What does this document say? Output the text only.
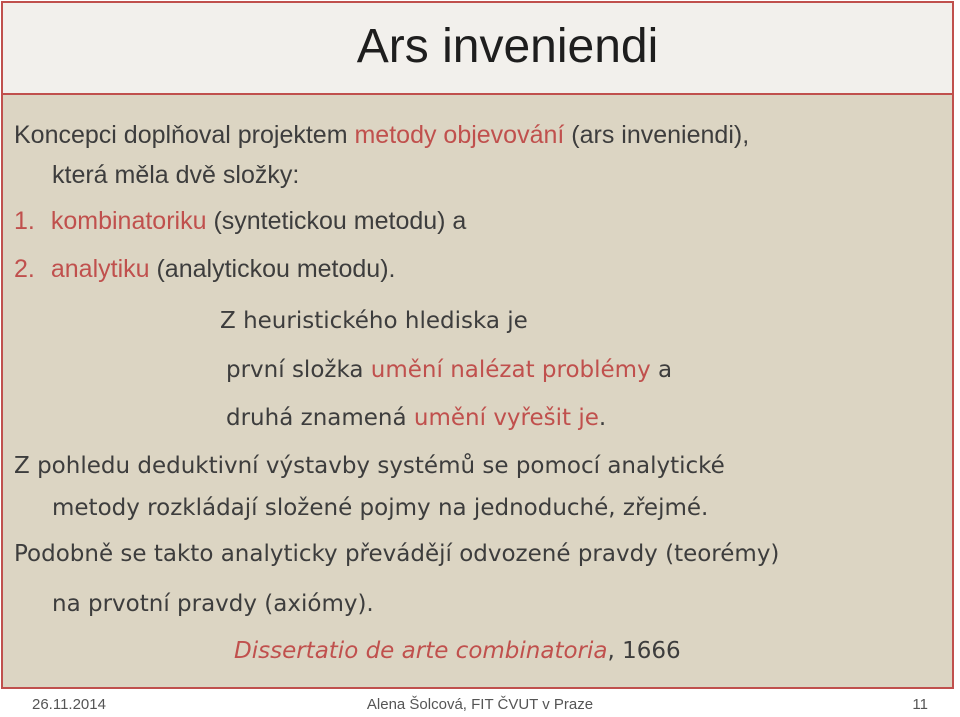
Ars inveniendi
Koncepci doplňoval projektem metody objevování (ars inveniendi),
která měla dvě složky:
1. kombinatoriku (syntetickou metodu) a
2. analytiku (analytickou metodu).
Z heuristického hlediska je
první složka umění nalézat problémy a
druhá znamená umění vyřešit je.
Z pohledu deduktivní výstavby systémů se pomocí analytické
metody rozkládají složené pojmy na jednoduché, zřejmé.
Podobně se takto analyticky převádějí odvozené pravdy (teorémy)
na prvotní pravdy (axiómy).
Dissertatio de arte combinatoria, 1666
26.11.2014	Alena Šolcová, FIT ČVUT v Praze	11
